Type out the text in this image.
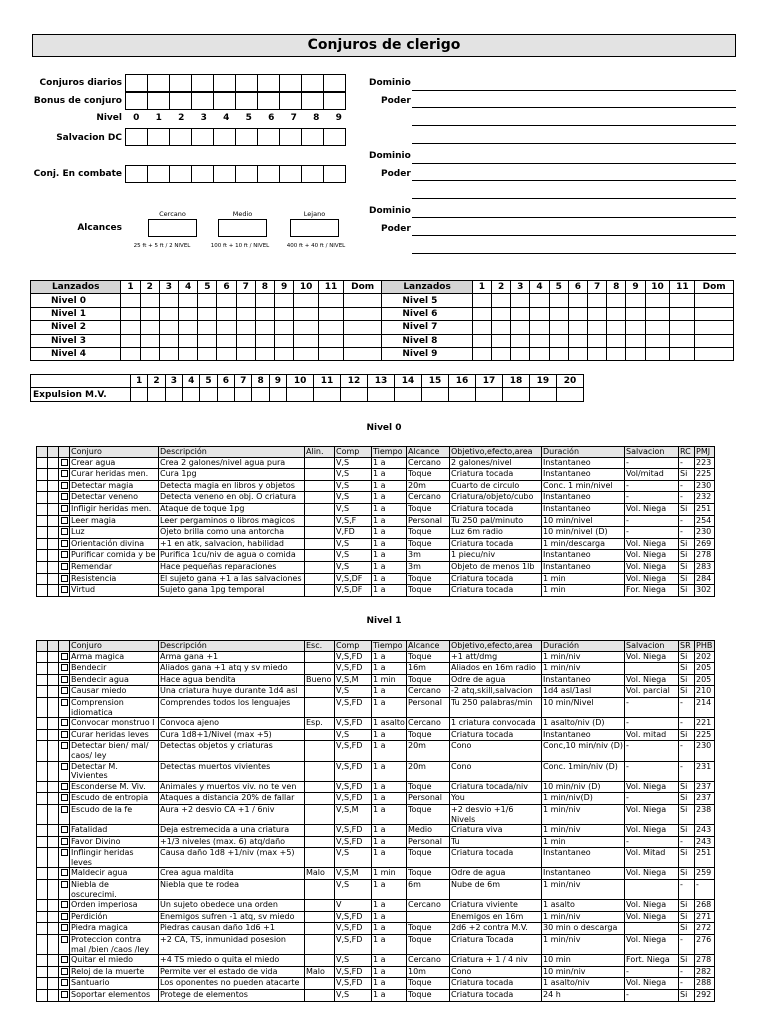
Conjuros de clerigo
Conjuros diarios
Bonus de conjuro
Nivel
Salvacion DC
Conj. En combate
Alcances
0	1	2	3	4	5	6	7	8	9
Cercano	Medio	Lejano
25 ft + 5 ft / 2 NIVEL	100 ft + 10 ft / NIVEL	400 ft + 40 ft / NIVEL
Dominio
Poder
Dominio
Poder
Dominio
Poder
Lanzados	1	2	3	4	5	6	7	8	9	10	11	Dom	Lanzados	1	2	3	4	5	6	7	8	9	10	11	Dom
Nivel 0													Nivel 5												
Nivel 1													Nivel 6												
Nivel 2													Nivel 7												
Nivel 3													Nivel 8												
Nivel 4													Nivel 9												
	1	2	3	4	5	6	7	8	9	10	11	12	13	14	15	16	17	18	19	20
Expulsion M.V.																				
Nivel 0
			Conjuro	Descripción	Alin.	Comp	Tiempo	Alcance	Objetivo,efecto,area	Duración	Salvacion	RC	PMJ
			Crear agua	Crea 2 galones/nivel agua pura		V,S	1 a	Cercano	2 galones/nivel	Instantaneo	-	-	223
			Curar heridas men.	Cura 1pg		V,S	1 a	Toque	Criatura tocada	Instantaneo	Vol/mitad	Si	225
			Detectar magia	Detecta magia en libros y objetos		V,S	1 a	20m	Cuarto de circulo	Conc. 1 min/nivel	-	-	230
			Detectar veneno	Detecta veneno en obj. O criatura		V,S	1 a	Cercano	Criatura/objeto/cubo	Instantaneo	-	-	232
			Infligir heridas men.	Ataque de toque 1pg		V,S	1 a	Toque	Criatura tocada	Instantaneo	Vol. Niega	Si	251
			Leer magia	Leer pergaminos o libros magicos		V,S,F	1 a	Personal	Tu 250 pal/minuto	10 min/nivel	-	-	254
			Luz	Ojeto brilla como una antorcha		V,FD	1 a	Toque	Luz 6m radio	10 min/nivel (D)	-	-	230
			Orientación divina	+1 en atk, salvacion, habilidad		V,S	1 a	Toque	Criatura tocada	1 min/descarga	Vol. Niega	Si	269
			Purificar comida y be	Purifica 1cu/niv de agua o comida		V,S	1 a	3m	1 piecu/niv	Instantaneo	Vol. Niega	Si	278
			Remendar	Hace pequeñas reparaciones		V,S	1 a	3m	Objeto de menos 1lb	Instantaneo	Vol. Niega	Si	283
			Resistencia	El sujeto gana +1 a las salvaciones		V,S,DF	1 a	Toque	Criatura tocada	1 min	Vol. Niega	Si	284
			Virtud	Sujeto gana 1pg temporal		V,S,DF	1 a	Toque	Criatura tocada	1 min	For. Niega	Si	302
Nivel 1
			Conjuro	Descripción	Esc.	Comp	Tiempo	Alcance	Objetivo,efecto,area	Duración	Salvacion	SR	PHB
			Arma magica	Arma gana +1		V,S,FD	1 a	Toque	+1 att/dmg	1 min/niv	Vol. Niega	Si	202
			Bendecir	Aliados gana +1 atq y sv miedo		V,S,FD	1 a	16m	Aliados en 16m radio	1 min/niv		Si	205
			Bendecir agua	Hace agua bendita	Bueno	V,S,M	1 min	Toque	Odre de agua	Instantaneo	Vol. Niega	Si	205
			Causar miedo	Una criatura huye durante 1d4 asl		V,S	1 a	Cercano	-2 atq,skill,salvacion	1d4 asl/1asl	Vol. parcial	Si	210
			Comprension idiomatica	Comprendes todos los lenguajes		V,S,FD	1 a	Personal	Tu 250 palabras/min	10 min/Nivel	-	-	214
			Convocar monstruo I	Convoca ajeno	Esp.	V,S,FD	1 asalto	Cercano	1 criatura convocada	1 asalto/niv (D)	-	-	221
			Curar heridas leves	Cura 1d8+1/Nivel (max +5)		V,S	1 a	Toque	Criatura tocada	Instantaneo	Vol. mitad	Si	225
			Detectar bien/ mal/ caos/ ley	Detectas objetos y criaturas		V,S,FD	1 a	20m	Cono	Conc,10 min/niv (D)	-	-	230
			Detectar M. Vivientes	Detectas muertos vivientes		V,S,FD	1 a	20m	Cono	Conc. 1min/niv (D)	-	-	231
			Esconderse M. Viv.	Animales y muertos viv. no te ven		V,S,FD	1 a	Toque	Criatura tocada/niv	10 min/niv (D)	Vol. Niega	Si	237
			Escudo de entropia	Ataques a distancia 20% de fallar		V,S,FD	1 a	Personal	You	1 min/niv(D)	-	Si	237
			Escudo de la fe	Aura +2 desvio CA +1 / 6niv		V,S,M	1 a	Toque	+2 desvio +1/6 Nivels	1 min/niv	Vol. Niega	Si	238
			Fatalidad	Deja estremecida a una criatura		V,S,FD	1 a	Medio	Criatura viva	1 min/niv	Vol. Niega	Si	243
			Favor Divino	+1/3 niveles (max. 6) atq/daño		V,S,FD	1 a	Personal	Tu	1 min	-	-	243
			Inflingir heridas leves	Causa daño 1d8 +1/niv (max +5)		V,S	1 a	Toque	Criatura tocada	Instantaneo	Vol. Mitad	Si	251
			Maldecir agua	Crea agua maldita	Malo	V,S,M	1 min	Toque	Odre de agua	Instantaneo	Vol. Niega	Si	259
			Niebla de oscurecimi.	Niebla que te rodea		V,S	1 a	6m	Nube de 6m	1 min/niv		-	-
			Orden imperiosa	Un sujeto obedece una orden		V	1 a	Cercano	Criatura viviente	1 asalto	Vol. Niega	Si	268
			Perdición	Enemigos sufren -1 atq, sv miedo		V,S,FD	1 a		Enemigos en 16m	1 min/niv	Vol. Niega	Si	271
			Piedra magica	Piedras causan daño 1d6 +1		V,S,FD	1 a	Toque	2d6 +2 contra M.V.	30 min o descarga		Si	272
			Proteccion contra mal /bien /caos /ley	+2 CA, TS, inmunidad posesion		V,S,FD	1 a	Toque	Criatura Tocada	1 min/niv	Vol. Niega	-	276
			Quitar el miedo	+4 TS miedo o quita el miedo		V,S	1 a	Cercano	Criatura + 1 / 4 niv	10 min	Fort. Niega	Si	278
			Reloj de la muerte	Permite ver el estado de vida	Malo	V,S,FD	1 a	10m	Cono	10 min/niv	-	-	282
			Santuario	Los oponentes no pueden atacarte		V,S,FD	1 a	Toque	Criatura tocada	1 asalto/niv	Vol. Niega	-	288
			Soportar elementos	Protege de elementos		V,S	1 a	Toque	Criatura tocada	24 h	-	Si	292
